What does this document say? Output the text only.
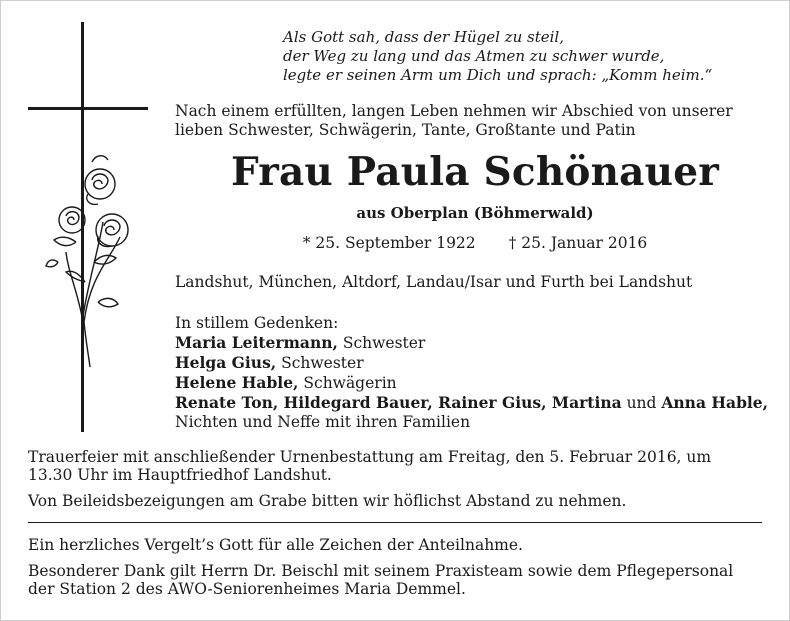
Als Gott sah, dass der Hügel zu steil,
der Weg zu lang und das Atmen zu schwer wurde,
legte er seinen Arm um Dich und sprach: „Komm heim.“
Nach einem erfüllten, langen Leben nehmen wir Abschied von unserer
lieben Schwester, Schwägerin, Tante, Großtante und Patin
Frau Paula Schönauer
aus Oberplan (Böhmerwald)
* 25. September 1922 † 25. Januar 2016
Landshut, München, Altdorf, Landau/Isar und Furth bei Landshut
In stillem Gedenken:
Maria Leitermann, Schwester
Helga Gius, Schwester
Helene Hable, Schwägerin
Renate Ton, Hildegard Bauer, Rainer Gius, Martina und Anna Hable,
Nichten und Neffe mit ihren Familien
Trauerfeier mit anschließender Urnenbestattung am Freitag, den 5. Februar 2016, um
13.30 Uhr im Hauptfriedhof Landshut.
Von Beileidsbezeigungen am Grabe bitten wir höflichst Abstand zu nehmen.
Ein herzliches Vergelt’s Gott für alle Zeichen der Anteilnahme.
Besonderer Dank gilt Herrn Dr. Beischl mit seinem Praxisteam sowie dem Pflegepersonal
der Station 2 des AWO-Seniorenheimes Maria Demmel.
